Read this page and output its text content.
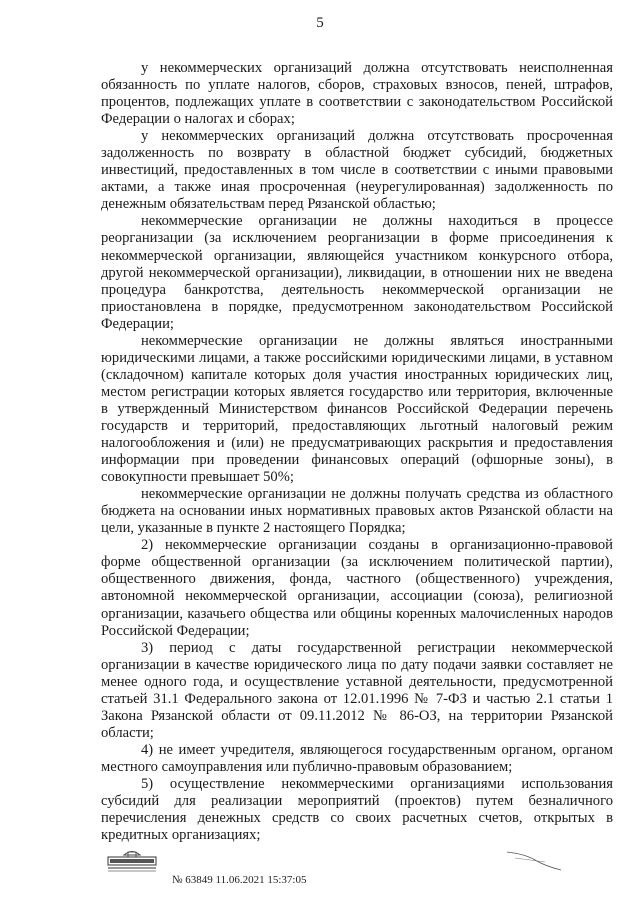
5

у некоммерческих организаций должна отсутствовать неисполненная обязанность по уплате налогов, сборов, страховых взносов, пеней, штрафов, процентов, подлежащих уплате в соответствии с законодательством Российской Федерации о налогах и сборах;

у некоммерческих организаций должна отсутствовать просроченная задолженность по возврату в областной бюджет субсидий, бюджетных инвестиций, предоставленных в том числе в соответствии с иными правовыми актами, а также иная просроченная (неурегулированная) задолженность по денежным обязательствам перед Рязанской областью;

некоммерческие организации не должны находиться в процессе реорганизации (за исключением реорганизации в форме присоединения к некоммерческой организации, являющейся участником конкурсного отбора, другой некоммерческой организации), ликвидации, в отношении них не введена процедура банкротства, деятельность некоммерческой организации не приостановлена в порядке, предусмотренном законодательством Российской Федерации;

некоммерческие организации не должны являться иностранными юридическими лицами, а также российскими юридическими лицами, в уставном (складочном) капитале которых доля участия иностранных юридических лиц, местом регистрации которых является государство или территория, включенные в утвержденный Министерством финансов Российской Федерации перечень государств и территорий, предоставляющих льготный налоговый режим налогообложения и (или) не предусматривающих раскрытия и предоставления информации при проведении финансовых операций (офшорные зоны), в совокупности превышает 50%;

некоммерческие организации не должны получать средства из областного бюджета на основании иных нормативных правовых актов Рязанской области на цели, указанные в пункте 2 настоящего Порядка;

2) некоммерческие организации созданы в организационно-правовой форме общественной организации (за исключением политической партии), общественного движения, фонда, частного (общественного) учреждения, автономной некоммерческой организации, ассоциации (союза), религиозной организации, казачьего общества или общины коренных малочисленных народов Российской Федерации;

3) период с даты государственной регистрации некоммерческой организации в качестве юридического лица по дату подачи заявки составляет не менее одного года, и осуществление уставной деятельности, предусмотренной статьей 31.1 Федерального закона от 12.01.1996 № 7-ФЗ и частью 2.1 статьи 1 Закона Рязанской области от 09.11.2012 № 86-ОЗ, на территории Рязанской области;

4) не имеет учредителя, являющегося государственным органом, органом местного самоуправления или публично-правовым образованием;

5) осуществление некоммерческими организациями использования субсидий для реализации мероприятий (проектов) путем безналичного перечисления денежных средств со своих расчетных счетов, открытых в кредитных организациях;

№ 63849 11.06.2021 15:37:05
